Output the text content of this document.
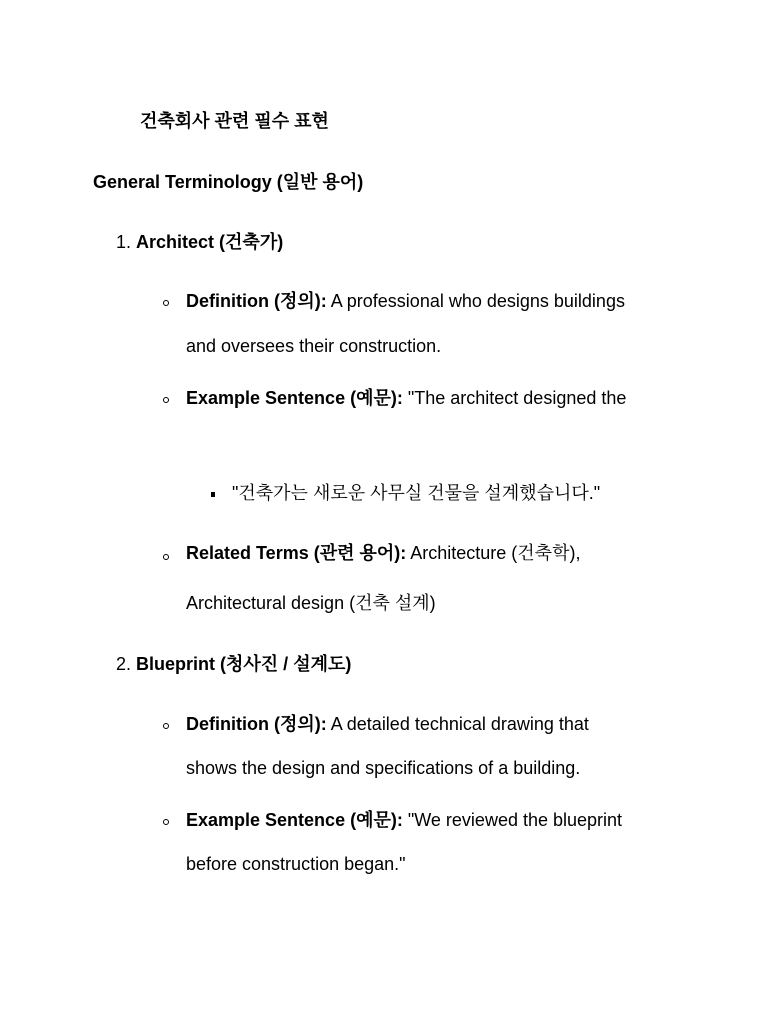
건축회사 관련 필수 표현
General Terminology (일반 용어)
1. Architect (건축가)
Definition (정의): A professional who designs buildings
and oversees their construction.
Example Sentence (예문): "The architect designed the
"건축가는 새로운 사무실 건물을 설계했습니다."
Related Terms (관련 용어): Architecture (건축학),
Architectural design (건축 설계)
2. Blueprint (청사진 / 설계도)
Definition (정의): A detailed technical drawing that
shows the design and specifications of a building.
Example Sentence (예문): "We reviewed the blueprint
before construction began."
